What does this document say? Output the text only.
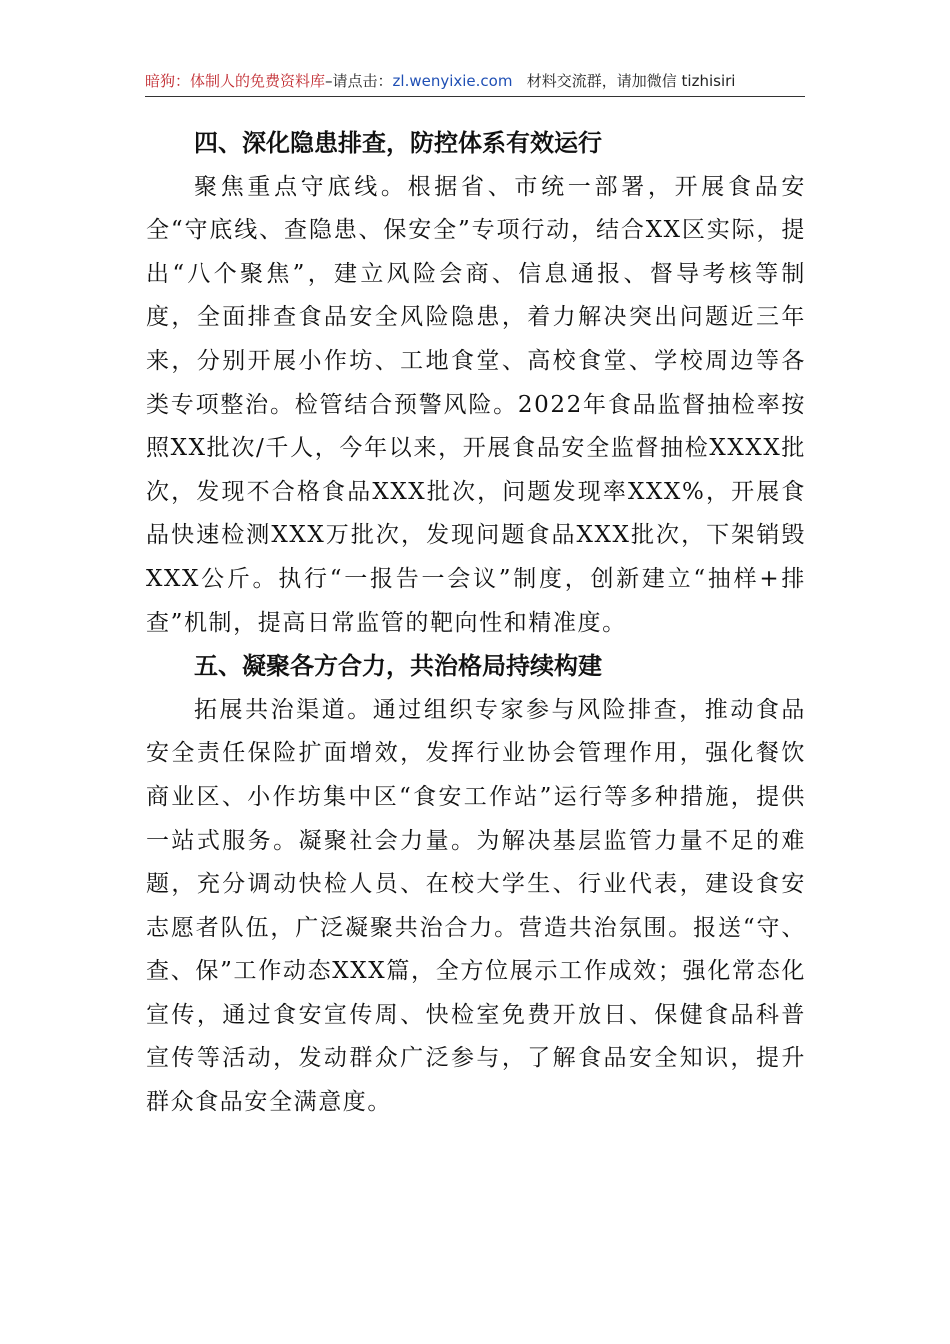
暗狗：体制人的免费资料库–请点击：zl.wenyixie.com 材料交流群，请加微信 tizhisiri
四、深化隐患排查，防控体系有效运行

聚焦重点守底线。根据省、市统一部署，开展食品安全“守底线、查隐患、保安全”专项行动，结合XX区实际，提出“八个聚焦”，建立风险会商、信息通报、督导考核等制度，全面排查食品安全风险隐患，着力解决突出问题近三年来，分别开展小作坊、工地食堂、高校食堂、学校周边等各类专项整治。检管结合预警风险。2022年食品监督抽检率按照XX批次/千人，今年以来，开展食品安全监督抽检XXXX批次，发现不合格食品XXX批次，问题发现率XXX%，开展食品快速检测XXX万批次，发现问题食品XXX批次，下架销毁XXX公斤。执行“一报告一会议”制度，创新建立“抽样+排查”机制，提高日常监管的靶向性和精准度。

五、凝聚各方合力，共治格局持续构建

拓展共治渠道。通过组织专家参与风险排查，推动食品安全责任保险扩面增效，发挥行业协会管理作用，强化餐饮商业区、小作坊集中区“食安工作站”运行等多种措施，提供一站式服务。凝聚社会力量。为解决基层监管力量不足的难题，充分调动快检人员、在校大学生、行业代表，建设食安志愿者队伍，广泛凝聚共治合力。营造共治氛围。报送“守、查、保”工作动态XXX篇，全方位展示工作成效；强化常态化宣传，通过食安宣传周、快检室免费开放日、保健食品科普宣传等活动，发动群众广泛参与，了解食品安全知识，提升群众食品安全满意度。
